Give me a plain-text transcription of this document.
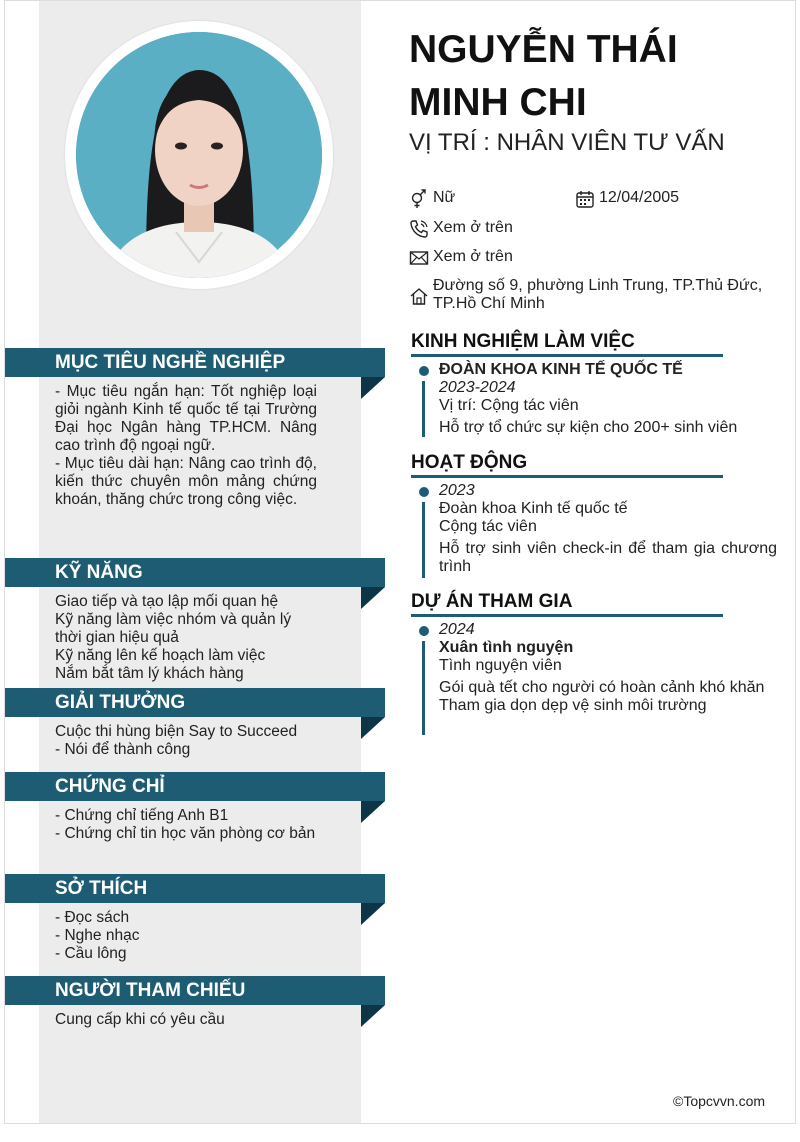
NGUYỄN THÁI MINH CHI
VỊ TRÍ : NHÂN VIÊN TƯ VẤN
Nữ	12/04/2005
Xem ở trên
Xem ở trên
Đường số 9, phường Linh Trung, TP.Thủ Đức, TP.Hồ Chí Minh
MỤC TIÊU NGHỀ NGHIỆP
- Mục tiêu ngắn hạn: Tốt nghiệp loại giỏi ngành Kinh tế quốc tế tại Trường Đại học Ngân hàng TP.HCM. Nâng cao trình độ ngoại ngữ.
- Mục tiêu dài hạn: Nâng cao trình độ, kiến thức chuyên môn mảng chứng khoán, thăng chức trong công việc.
KỸ NĂNG
Giao tiếp và tạo lập mối quan hệ
Kỹ năng làm việc nhóm và quản lý thời gian hiệu quả
Kỹ năng lên kế hoạch làm việc
Nắm bắt tâm lý khách hàng
GIẢI THƯỞNG
Cuộc thi hùng biện Say to Succeed
- Nói để thành công
CHỨNG CHỈ
- Chứng chỉ tiếng Anh B1
- Chứng chỉ tin học văn phòng cơ bản
SỞ THÍCH
- Đọc sách
- Nghe nhạc
- Cầu lông
NGƯỜI THAM CHIẾU
Cung cấp khi có yêu cầu
KINH NGHIỆM LÀM VIỆC
ĐOÀN KHOA KINH TẾ QUỐC TẾ
2023-2024
Vị trí: Cộng tác viên
Hỗ trợ tổ chức sự kiện cho 200+ sinh viên
HOẠT ĐỘNG
2023
Đoàn khoa Kinh tế quốc tế
Cộng tác viên
Hỗ trợ sinh viên check-in để tham gia chương trình
DỰ ÁN THAM GIA
2024
Xuân tình nguyện
Tình nguyện viên
Gói quà tết cho người có hoàn cảnh khó khăn
Tham gia dọn dẹp vệ sinh môi trường
©Topcvvn.com
